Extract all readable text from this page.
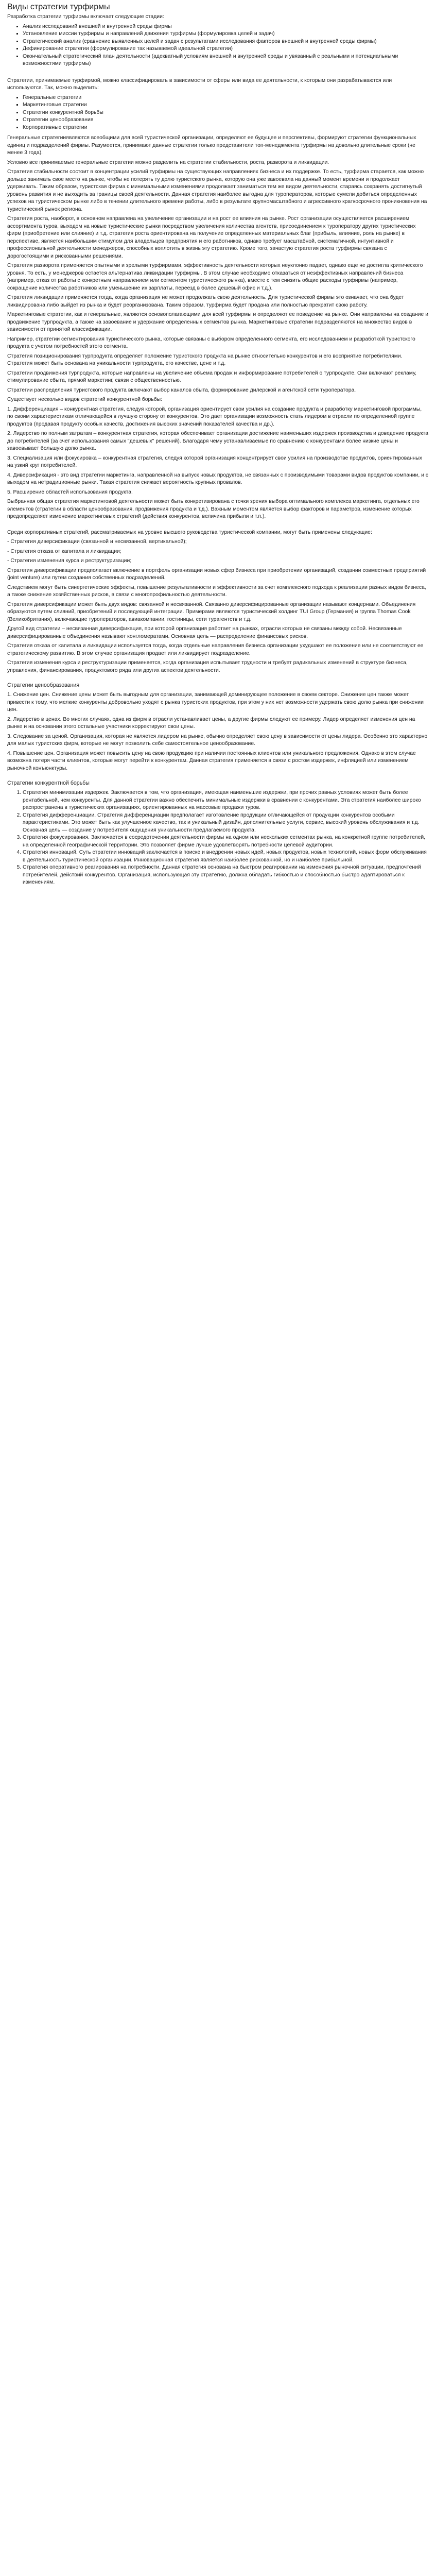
Виды стратегии турфирмы

Разработка стратегии турфирмы включает следующие стадии:

▪ Анализ исследований внешней и внутренней среды фирмы
▪ Установление миссии турфирмы и направлений движения турфирмы (формулировка целей и задач)
▪ Стратегический анализ (сравнение выявленных целей и задач с результатами исследования факторов внешней и внутренней среды фирмы)
▪ Дефинирование стратегии (формулирование так называемой идеальной стратегии)
▪ Окончательный стратегический план деятельности (адекватный условиям внешней и внутренней среды и увязанный с реальными и потенциальными возможностями турфирмы)

Стратегии, принимаемые турфирмой, можно классифицировать в зависимости от сферы или вида ее деятельности, к которым они разрабатываются или используются. Так, можно выделить:

▪ Генеральные стратегии
▪ Маркетинговые стратегии
▪ Стратегии конкурентной борьбы
▪ Стратегии ценообразования
▪ Корпоративные стратегии

Генеральные стратегииявляются всеобщими для всей туристической организации, определяют ее будущее и перспективы, формируют стратегии функциональных единиц и подразделений фирмы. Разумеется, принимают данные стратегии только представители топ-менеджмента турфирмы на довольно длительные сроки (не менее 3 года).

Условно все принимаемые генеральные стратегии можно разделить на стратегии стабильности, роста, разворота и ликвидации.

Стратегия стабильности состоит в концентрации усилий турфирмы на существующих направлениях бизнеса и их поддержке. То есть, турфирма старается, как можно дольше занимать свое место на рынке, чтобы не потерять ту долю туристского рынка, которую она уже завоевала на данный момент времени и продолжает удерживать. Таким образом, туристская фирма с минимальными изменениями продолжает заниматься тем же видом деятельности, стараясь сохранять достигнутый уровень развития и не выходить за границы своей деятельности. Данная стратегия наиболее выгодна для туроператоров, которые сумели добиться определенных успехов на туристическом рынке либо в течении длительного времени работы, либо в результате крупномасштабного и агрессивного краткосрочного проникновения на туристический рынок региона.

Стратегия роста, наоборот, в основном направлена на увеличение организации и на рост ее влияния на рынке. Рост организации осуществляется расширением ассортимента туров, выходом на новые туристические рынки посредством увеличения количества агентств, присоединением к туроператору других туристических фирм (приобретение или слияние) и т.д. стратегия роста ориентирована на получение определенных материальных благ (прибыль, влияние, роль на рынке) в перспективе, является наибольшим стимулом для владельцев предприятия и его работников, однако требует масштабной, систематичной, интуитивной и профессиональной деятельности менеджеров, способных воплотить в жизнь эту стратегию. Кроме того, зачастую стратегия роста турфирмы связана с дорогостоящими и рискованными решениями.

Стратегия разворота применяется опытными и зрелыми турфирмами, эффективность деятельности которых неуклонно падает, однако еще не достигла критического уровня. То есть, у менеджеров остается альтернатива ликвидации турфирмы. В этом случае необходимо отказаться от неэффективных направлений бизнеса (например, отказ от работы с конкретным направлением или сегментом туристического рынка), вместе с тем снизить общие расходы турфирмы (например, сокращение количества работников или уменьшение их зарплаты, переезд в более дешевый офис и т.д.).

Стратегия ликвидации применяется тогда, когда организация не может продолжать свою деятельность. Для туристической фирмы это означает, что она будет ликвидирована либо выйдет из рынка и будет реорганизована. Таким образом, турфирма будет продана или полностью прекратит свою работу.

Маркетинговые стратегии, как и генеральные, являются основополагающими для всей турфирмы и определяют ее поведение на рынке. Они направлены на создание и продвижение турпродукта, а также на завоевание и удержание определенных сегментов рынка. Маркетинговые стратегии подразделяются на множество видов в зависимости от принятой классификации.

Например, стратегии сегментирования туристического рынка, которые связаны с выбором определенного сегмента, его исследованием и разработкой туристского продукта с учетом потребностей этого сегмента.

Стратегия позиционирования турпродукта определяет положение туристского продукта на рынке относительно конкурентов и его восприятие потребителями. Стратегия может быть основана на уникальности турпродукта, его качестве, цене и т.д.

Стратегии продвижения турпродукта, которые направлены на увеличение объема продаж и информирование потребителей о турпродукте. Они включают рекламу, стимулирование сбыта, прямой маркетинг, связи с общественностью.

Стратегии распределения туристского продукта включают выбор каналов сбыта, формирование дилерской и агентской сети туроператора.

Существует несколько видов стратегий конкурентной борьбы:

1. Дифференциация – конкурентная стратегия, следуя которой, организация ориентирует свои усилия на создание продукта и разработку маркетинговой программы, по своим характеристикам отличающейся в лучшую сторону от конкурентов. Это дает организации возможность стать лидером в отрасли по определенной группе продуктов (продавая продукту особых качеств, достижения высоких значений показателей качества и др.).

2. Лидерство по полным затратам – конкурентная стратегия, которая обеспечивает организации достижение наименьших издержек производства и доведение продукта до потребителей (за счет использования самых "дешевых" решений). Благодаря чему устанавливаемые по сравнению с конкурентами более низкие цены и завоевывает большую долю рынка.

3. Специализация или фокусировка – конкурентная стратегия, следуя которой организация концентрирует свои усилия на производстве продуктов, ориентированных на узкий круг потребителей.

4. Диверсификация - это вид стратегии маркетинга, направленной на выпуск новых продуктов, не связанных с производимыми товарами видов продуктов компании, и с выходом на нетрадиционные рынки. Такая стратегия снижает вероятность крупных провалов.

5. Расширение областей использования продукта.

Выбранная общая стратегия маркетинговой деятельности может быть конкретизирована с точки зрения выбора оптимального комплекса маркетинга, отдельных его элементов (стратегии в области ценообразования, продвижения продукта и т.д.). Важным моментом является выбор факторов и параметров, изменение которых предопределяет изменение маркетинговых стратегий (действия конкурентов, величина прибыли и т.п.).

Среди корпоративных стратегий, рассматриваемых на уровне высшего руководства туристической компании, могут быть применены следующие:

- Стратегия диверсификации (связанной и несвязанной, вертикальной);

- Стратегия отказа от капитала и ликвидации;

- Стратегия изменения курса и реструктуризации;

Стратегия диверсификации предполагает включение в портфель организации новых сфер бизнеса при приобретении организаций, создании совместных предприятий (joint venture) или путем создания собственных подразделений.

Следствием могут быть синергетические эффекты, повышение результативности и эффективности за счет комплексного подхода к реализации разных видов бизнеса, а также снижение хозяйственных рисков, в связи с многопрофильностью деятельности.

Стратегия диверсификации может быть двух видов: связанной и несвязанной. Связанно диверсифицированные организации называют концернами. Объединения образуются путем слияний, приобретений и последующей интеграции. Примерами являются туристический холдинг TUI Group (Германия) и группа Thomas Cook (Великобритания), включающие туроператоров, авиакомпании, гостиницы, сети турагентств и т.д.

Другой вид стратегии – несвязанная диверсификация, при которой организация работает на рынках, отрасли которых не связаны между собой. Несвязанные диверсифицированные объединения называют конгломератами. Основная цель — распределение финансовых рисков.

Стратегия отказа от капитала и ликвидации используется тогда, когда отдельные направления бизнеса организации ухудшают ее положение или не соответствуют ее стратегическому развитию. В этом случае организация продает или ликвидирует подразделение.

Стратегия изменения курса и реструктуризации применяется, когда организация испытывает трудности и требует радикальных изменений в структуре бизнеса, управления, финансирования, продуктового ряда или других аспектов деятельности.

Стратегии ценообразования

1. Снижение цен. Снижение цены может быть выгодным для организации, занимающей доминирующее положение в своем секторе. Снижение цен также может привести к тому, что мелкие конкуренты добровольно уходят с рынка туристских продуктов, при этом у них нет возможности удержать свою долю рынка при снижении цен.

2. Лидерство в ценах. Во многих случаях, одна из фирм в отрасли устанавливает цены, а другие фирмы следуют ее примеру. Лидер определяет изменения цен на рынке и на основании этого остальные участники корректируют свои цены.

3. Следование за ценой. Организация, которая не является лидером на рынке, обычно определяет свою цену в зависимости от цены лидера. Особенно это характерно для малых туристских фирм, которые не могут позволить себе самостоятельное ценообразование.

4. Повышение цен. Организация может повысить цену на свою продукцию при наличии постоянных клиентов или уникального предложения. Однако в этом случае возможна потеря части клиентов, которые могут перейти к конкурентам. Данная стратегия применяется в связи с ростом издержек, инфляцией или изменением рыночной конъюнктуры.

Стратегии конкурентной борьбы
1. Стратегия минимизации издержек. Заключается в том, что организация, имеющая наименьшие издержки, при прочих равных условиях может быть более рентабельной, чем конкуренты. Для данной стратегии важно обеспечить минимальные издержки в сравнении с конкурентами. Эта стратегия наиболее широко распространена в туристических организациях, ориентированных на массовые продажи туров.
2. Стратегия дифференциации. Стратегия дифференциации предполагает изготовление продукции отличающейся от продукции конкурентов особыми характеристиками. Это может быть как улучшенное качество, так и уникальный дизайн, дополнительные услуги, сервис, высокий уровень обслуживания и т.д. Основная цель — создание у потребителя ощущения уникальности предлагаемого продукта.
3. Стратегия фокусирования. Заключается в сосредоточении деятельности фирмы на одном или нескольких сегментах рынка, на конкретной группе потребителей, на определенной географической территории. Это позволяет фирме лучше удовлетворять потребности целевой аудитории.
4. Стратегия инноваций. Суть стратегии инноваций заключается в поиске и внедрении новых идей, новых продуктов, новых технологий, новых форм обслуживания в деятельность туристической организации. Инновационная стратегия является наиболее рискованной, но и наиболее прибыльной.
5. Стратегия оперативного реагирования на потребности. Данная стратегия основана на быстром реагировании на изменения рыночной ситуации, предпочтений потребителей, действий конкурентов. Организация, использующая эту стратегию, должна обладать гибкостью и способностью быстро адаптироваться к изменениям.
